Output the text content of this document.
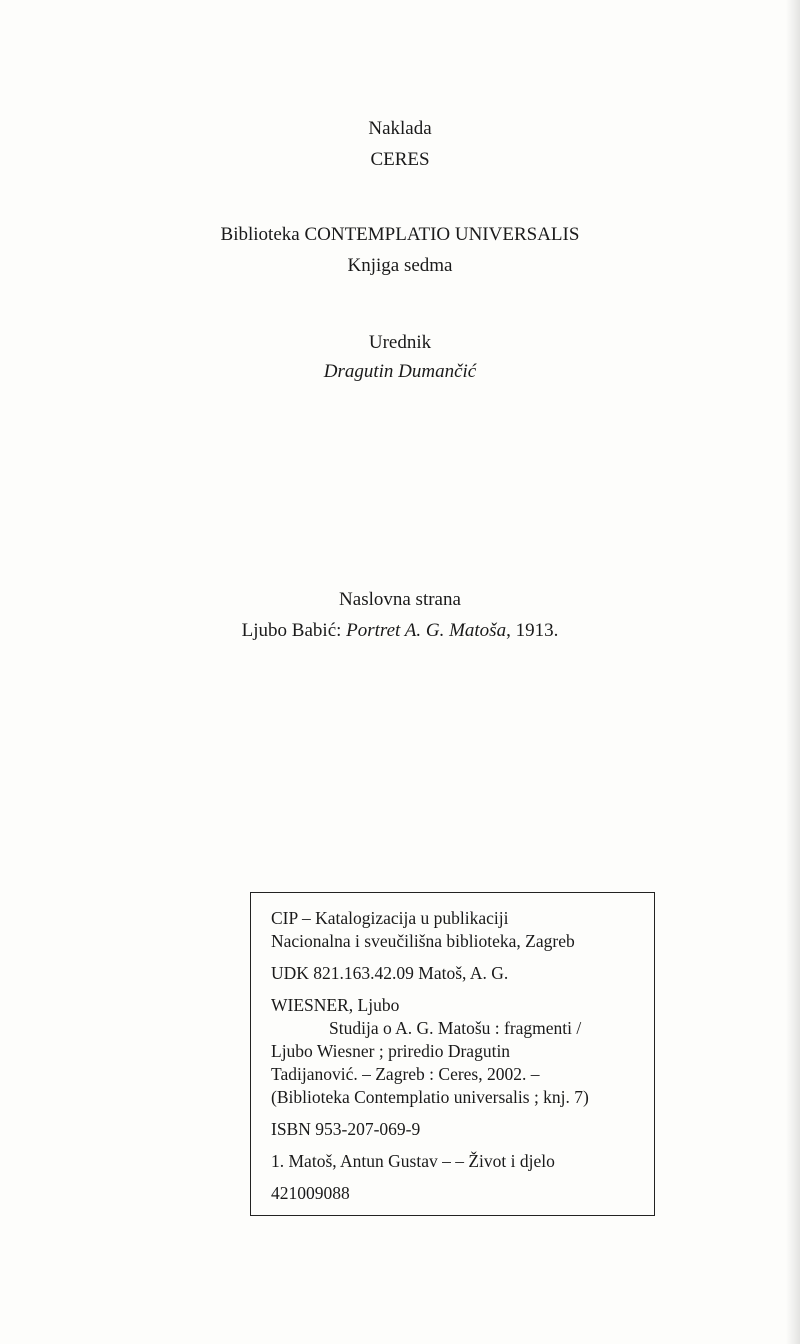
Naklada
CERES
Biblioteka CONTEMPLATIO UNIVERSALIS
Knjiga sedma
Urednik
Dragutin Dumančić
Naslovna strana
Ljubo Babić: Portret A. G. Matoša, 1913.
CIP – Katalogizacija u publikaciji
Nacionalna i sveučilišna biblioteka, Zagreb
UDK 821.163.42.09 Matoš, A. G.
WIESNER, Ljubo
Studija o A. G. Matošu : fragmenti /
Ljubo Wiesner ; priredio Dragutin
Tadijanović. – Zagreb : Ceres, 2002. –
(Biblioteka Contemplatio universalis ; knj. 7)
ISBN 953-207-069-9
1. Matoš, Antun Gustav – – Život i djelo
421009088
